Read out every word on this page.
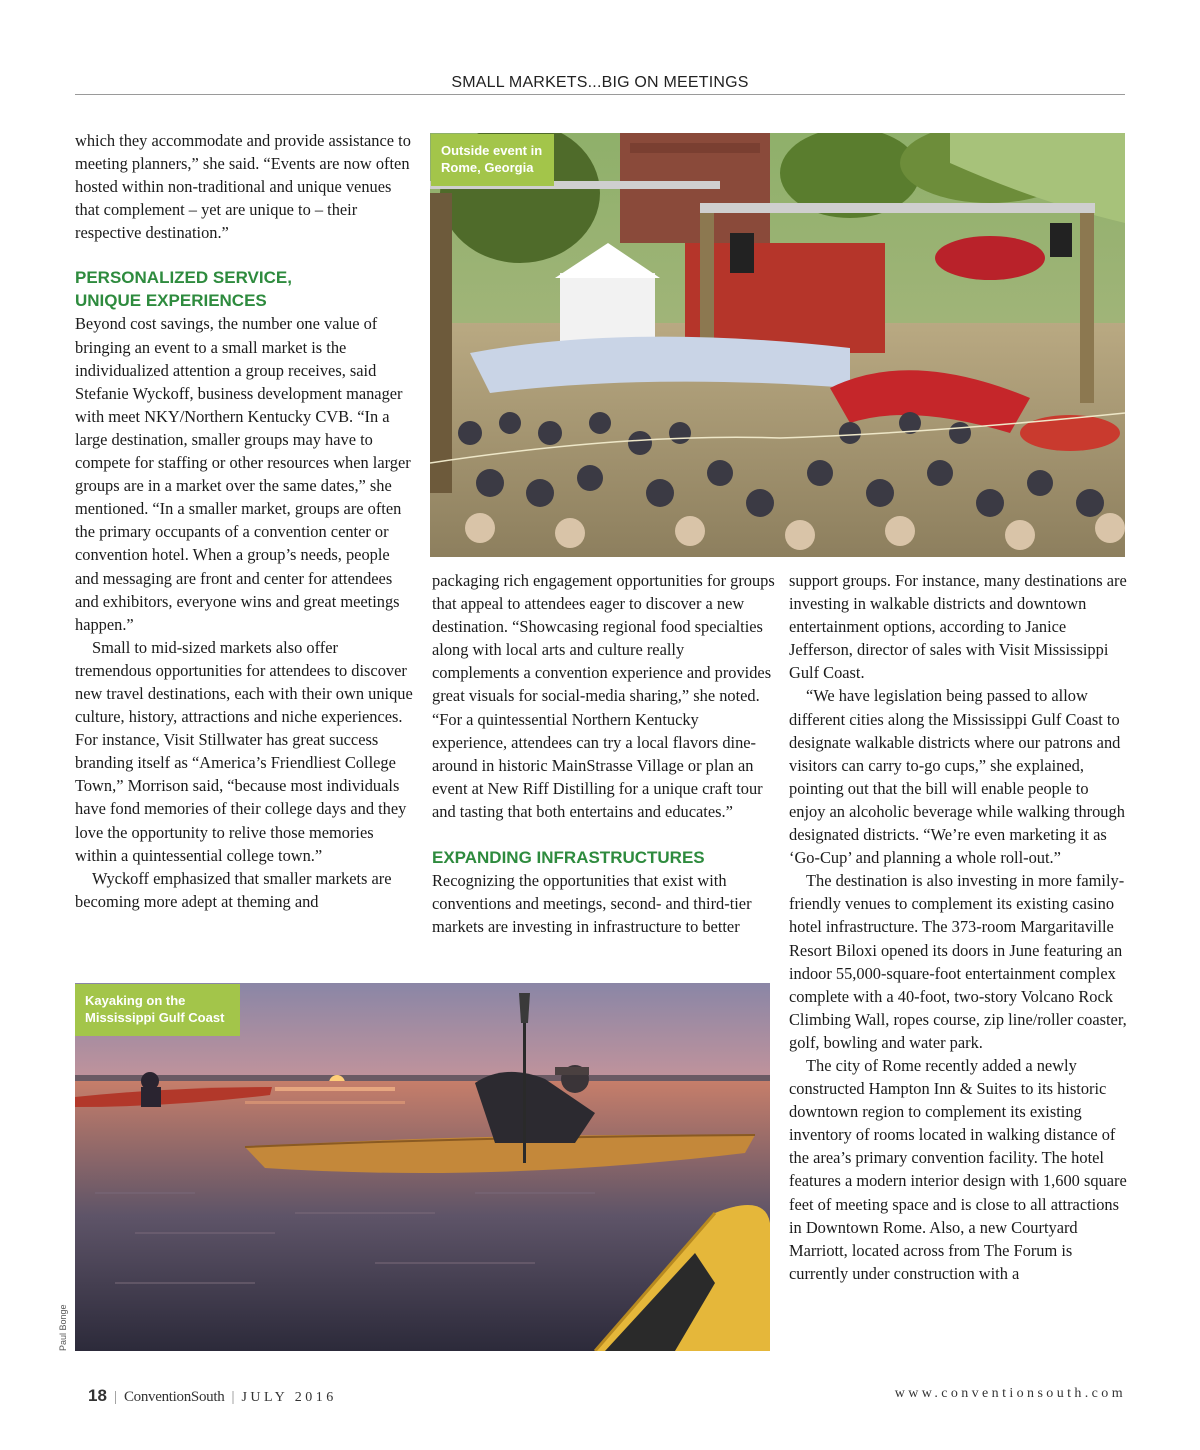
SMALL MARKETS...BIG ON MEETINGS

which they accommodate and provide assistance to meeting planners,” she said. “Events are now often hosted within non-traditional and unique venues that complement – yet are unique to – their respective destination.”

PERSONALIZED SERVICE,
UNIQUE EXPERIENCES

Beyond cost savings, the number one value of bringing an event to a small market is the individualized attention a group receives, said Stefanie Wyckoff, business development manager with meet NKY/Northern Kentucky CVB. “In a large destination, smaller groups may have to compete for staffing or other resources when larger groups are in a market over the same dates,” she mentioned. “In a smaller market, groups are often the primary occupants of a convention center or convention hotel. When a group’s needs, people and messaging are front and center for attendees and exhibitors, everyone wins and great meetings happen.”

Small to mid-sized markets also offer tremendous opportunities for attendees to discover new travel destinations, each with their own unique culture, history, attractions and niche experiences. For instance, Visit Stillwater has great success branding itself as “America’s Friendliest College Town,” Morrison said, “because most individuals have fond memories of their college days and they love the opportunity to relive those memories within a quintessential college town.”

Wyckoff emphasized that smaller markets are becoming more adept at theming and

packaging rich engagement opportunities for groups that appeal to attendees eager to discover a new destination. “Showcasing regional food specialties along with local arts and culture really complements a convention experience and provides great visuals for social-media sharing,” she noted. “For a quintessential Northern Kentucky experience, attendees can try a local flavors dine-around in historic MainStrasse Village or plan an event at New Riff Distilling for a unique craft tour and tasting that both entertains and educates.”

EXPANDING INFRASTRUCTURES

Recognizing the opportunities that exist with conventions and meetings, second- and third-tier markets are investing in infrastructure to better

support groups. For instance, many destinations are investing in walkable districts and downtown entertainment options, according to Janice Jefferson, director of sales with Visit Mississippi Gulf Coast.

“We have legislation being passed to allow different cities along the Mississippi Gulf Coast to designate walkable districts where our patrons and visitors can carry to-go cups,” she explained, pointing out that the bill will enable people to enjoy an alcoholic beverage while walking through designated districts. “We’re even marketing it as ‘Go-Cup’ and planning a whole roll-out.”

The destination is also investing in more family-friendly venues to complement its existing casino hotel infrastructure. The 373-room Margaritaville Resort Biloxi opened its doors in June featuring an indoor 55,000-square-foot entertainment complex complete with a 40-foot, two-story Volcano Rock Climbing Wall, ropes course, zip line/roller coaster, golf, bowling and water park.

The city of Rome recently added a newly constructed Hampton Inn & Suites to its historic downtown region to complement its existing inventory of rooms located in walking distance of the area’s primary convention facility. The hotel features a modern interior design with 1,600 square feet of meeting space and is close to all attractions in Downtown Rome. Also, a new Courtyard Marriott, located across from The Forum is currently under construction with a

Outside event in Rome, Georgia
Kayaking on the Mississippi Gulf Coast
Paul Bonge
18 | ConventionSouth | JULY 2016	www.conventionsouth.com
